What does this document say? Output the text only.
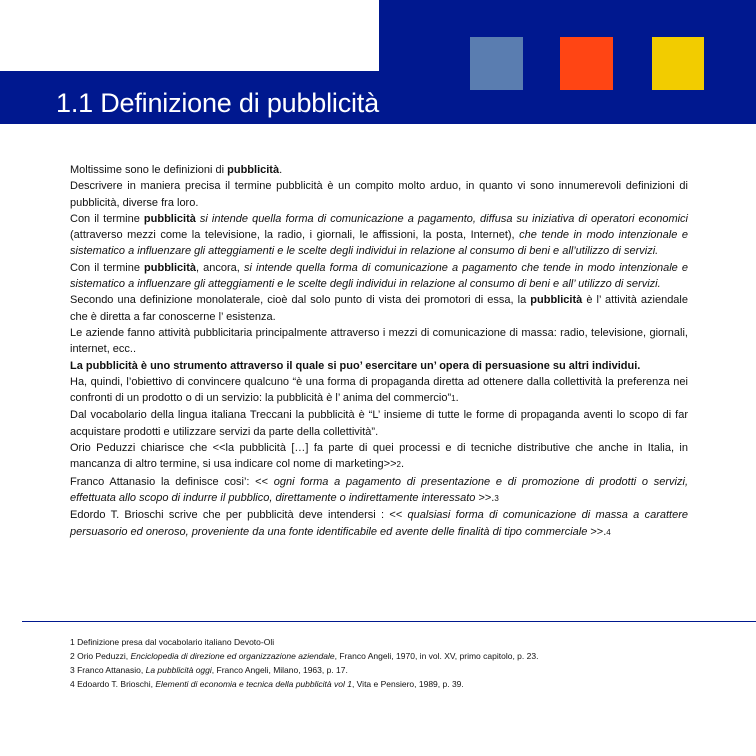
1.1 Definizione di pubblicità

Moltissime sono le definizioni di pubblicità.

Descrivere in maniera precisa il termine pubblicità è un compito molto arduo, in quanto vi sono innumerevoli definizioni di pubblicità, diverse fra loro.

Con il termine pubblicità si intende quella forma di comunicazione a pagamento, diffusa su iniziativa di operatori economici (attraverso mezzi come la televisione, la radio, i giornali, le affissioni, la posta, Internet), che tende in modo intenzionale e sistematico a influenzare gli atteggiamenti e le scelte degli individui in relazione al consumo di beni e all’utilizzo di servizi.

Con il termine pubblicità, ancora, si intende quella forma di comunicazione a pagamento che tende in modo intenzionale e sistematico a influenzare gli atteggiamenti e le scelte degli individui in relazione al consumo di beni e all’ utilizzo di servizi.

Secondo una definizione monolaterale, cioè dal solo punto di vista dei promotori di essa, la pubblicità è l’ attività aziendale che è diretta a far conoscerne l’ esistenza.

Le aziende fanno attività pubblicitaria principalmente attraverso i mezzi di comunicazione di massa: radio, televisione, giornali, internet, ecc..

La pubblicità è uno strumento attraverso il quale si puo’ esercitare un’ opera di persuasione su altri individui.

Ha, quindi, l’obiettivo di convincere qualcuno “è una forma di propaganda diretta ad ottenere dalla collettività la preferenza nei confronti di un prodotto o di un servizio: la pubblicità è l’ anima del commercio”1.

Dal vocabolario della lingua italiana Treccani la pubblicità è “L’ insieme di tutte le forme di propaganda aventi lo scopo di far acquistare prodotti e utilizzare servizi da parte della collettività”.

Orio Peduzzi chiarisce che <<la pubblicità […] fa parte di quei processi e di tecniche distributive che anche in Italia, in mancanza di altro termine, si usa indicare col nome di marketing>>2.

Franco Attanasio la definisce cosi’: << ogni forma a pagamento di presentazione e di promozione di prodotti o servizi, effettuata allo scopo di indurre il pubblico, direttamente o indirettamente interessato >>.3

Edordo T. Brioschi scrive che per pubblicità deve intendersi : << qualsiasi forma di comunicazione di massa a carattere persuasorio ed oneroso, proveniente da una fonte identificabile ed avente delle finalità di tipo commerciale >>.4

1 Definizione presa dal vocabolario italiano Devoto-Oli
2 Orio Peduzzi, Enciclopedia di direzione ed organizzazione aziendale, Franco Angeli, 1970, in vol. XV, primo capitolo, p. 23.
3 Franco Attanasio, La pubblicità oggi, Franco Angeli, Milano, 1963, p. 17.
4 Edoardo T. Brioschi, Elementi di economia e tecnica della pubblicità vol 1, Vita e Pensiero, 1989, p. 39.
